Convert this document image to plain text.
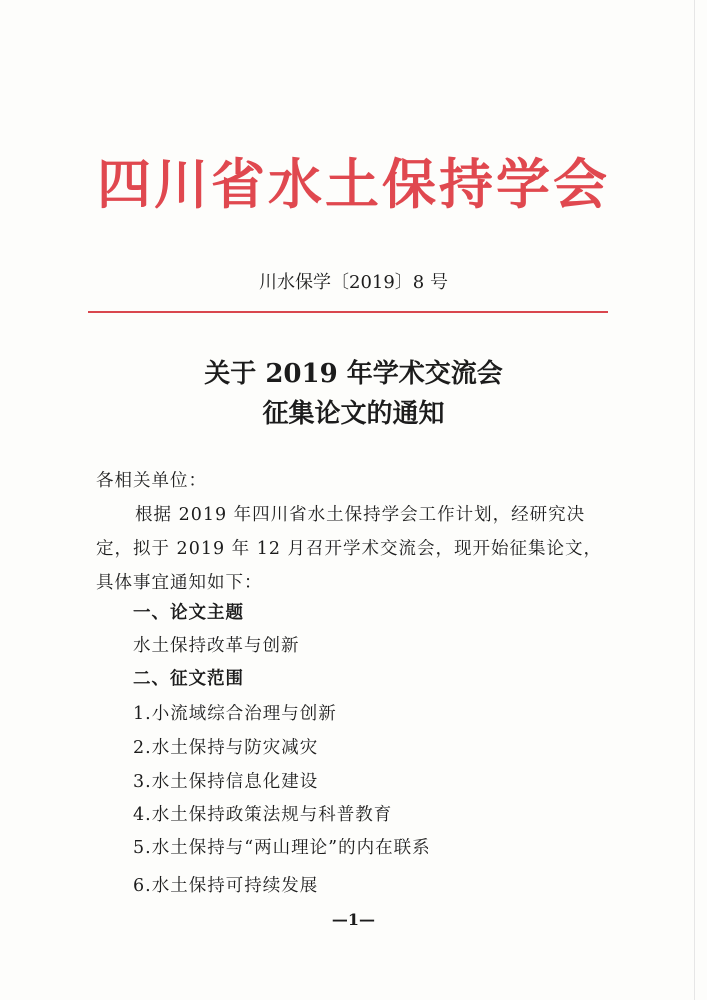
四川省水土保持学会
川水保学〔2019〕8 号
关于 2019 年学术交流会
征集论文的通知
各相关单位：
根据 2019 年四川省水土保持学会工作计划，经研究决
定，拟于 2019 年 12 月召开学术交流会，现开始征集论文，
具体事宜通知如下：
一、论文主题
水土保持改革与创新
二、征文范围
1.小流域综合治理与创新
2.水土保持与防灾减灾
3.水土保持信息化建设
4.水土保持政策法规与科普教育
5.水土保持与“两山理论”的内在联系
6.水土保持可持续发展
—1—
